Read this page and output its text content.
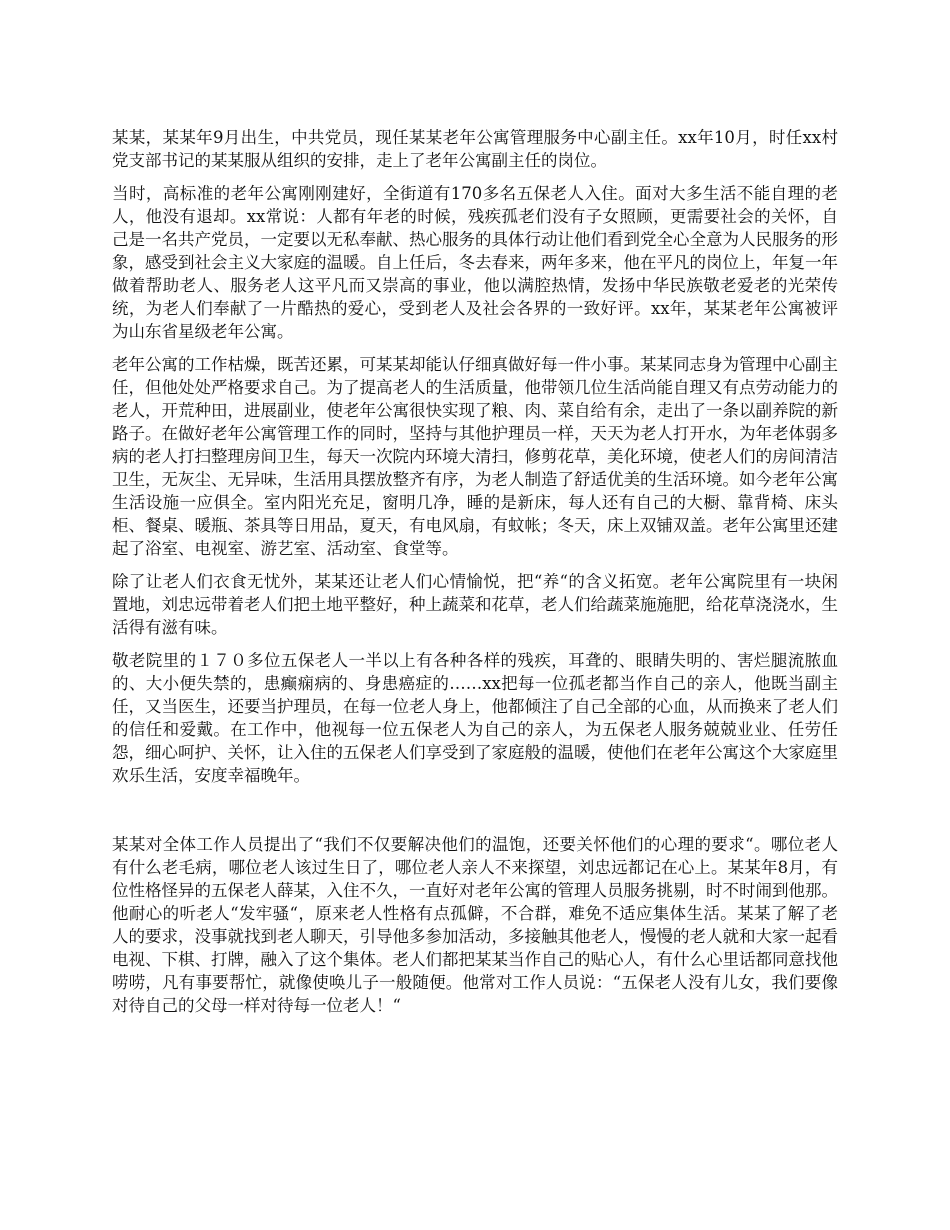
某某，某某年9月出生，中共党员，现任某某老年公寓管理服务中心副主任。xx年10月，时任xx村党支部书记的某某服从组织的安排，走上了老年公寓副主任的岗位。

当时，高标准的老年公寓刚刚建好，全街道有170多名五保老人入住。面对大多生活不能自理的老人，他没有退却。xx常说：人都有年老的时候，残疾孤老们没有子女照顾，更需要社会的关怀，自己是一名共产党员，一定要以无私奉献、热心服务的具体行动让他们看到党全心全意为人民服务的形象，感受到社会主义大家庭的温暖。自上任后，冬去春来，两年多来，他在平凡的岗位上，年复一年做着帮助老人、服务老人这平凡而又崇高的事业，他以满腔热情，发扬中华民族敬老爱老的光荣传统，为老人们奉献了一片酷热的爱心，受到老人及社会各界的一致好评。xx年，某某老年公寓被评为山东省星级老年公寓。

老年公寓的工作枯燥，既苦还累，可某某却能认仔细真做好每一件小事。某某同志身为管理中心副主任，但他处处严格要求自己。为了提高老人的生活质量，他带领几位生活尚能自理又有点劳动能力的老人，开荒种田，进展副业，使老年公寓很快实现了粮、肉、菜自给有余，走出了一条以副养院的新路子。在做好老年公寓管理工作的同时，坚持与其他护理员一样，天天为老人打开水，为年老体弱多病的老人打扫整理房间卫生，每天一次院内环境大清扫，修剪花草，美化环境，使老人们的房间清洁卫生，无灰尘、无异味，生活用具摆放整齐有序，为老人制造了舒适优美的生活环境。如今老年公寓生活设施一应俱全。室内阳光充足，窗明几净，睡的是新床，每人还有自己的大橱、靠背椅、床头柜、餐桌、暖瓶、茶具等日用品，夏天，有电风扇，有蚊帐；冬天，床上双铺双盖。老年公寓里还建起了浴室、电视室、游艺室、活动室、食堂等。

除了让老人们衣食无忧外，某某还让老人们心情愉悦，把“养“的含义拓宽。老年公寓院里有一块闲置地，刘忠远带着老人们把土地平整好，种上蔬菜和花草，老人们给蔬菜施施肥，给花草浇浇水，生活得有滋有味。

敬老院里的１７０多位五保老人一半以上有各种各样的残疾，耳聋的、眼睛失明的、害烂腿流脓血的、大小便失禁的，患癫痫病的、身患癌症的……xx把每一位孤老都当作自己的亲人，他既当副主任，又当医生，还要当护理员，在每一位老人身上，他都倾注了自己全部的心血，从而换来了老人们的信任和爱戴。在工作中，他视每一位五保老人为自己的亲人，为五保老人服务兢兢业业、任劳任怨，细心呵护、关怀，让入住的五保老人们享受到了家庭般的温暖，使他们在老年公寓这个大家庭里欢乐生活，安度幸福晚年。

某某对全体工作人员提出了“我们不仅要解决他们的温饱，还要关怀他们的心理的要求“。哪位老人有什么老毛病，哪位老人该过生日了，哪位老人亲人不来探望，刘忠远都记在心上。某某年8月，有位性格怪异的五保老人薛某，入住不久，一直好对老年公寓的管理人员服务挑剔，时不时闹到他那。他耐心的听老人“发牢骚“，原来老人性格有点孤僻，不合群，难免不适应集体生活。某某了解了老人的要求，没事就找到老人聊天，引导他多参加活动，多接触其他老人，慢慢的老人就和大家一起看电视、下棋、打牌，融入了这个集体。老人们都把某某当作自己的贴心人，有什么心里话都同意找他唠唠，凡有事要帮忙，就像使唤儿子一般随便。他常对工作人员说：“五保老人没有儿女，我们要像对待自己的父母一样对待每一位老人！“
